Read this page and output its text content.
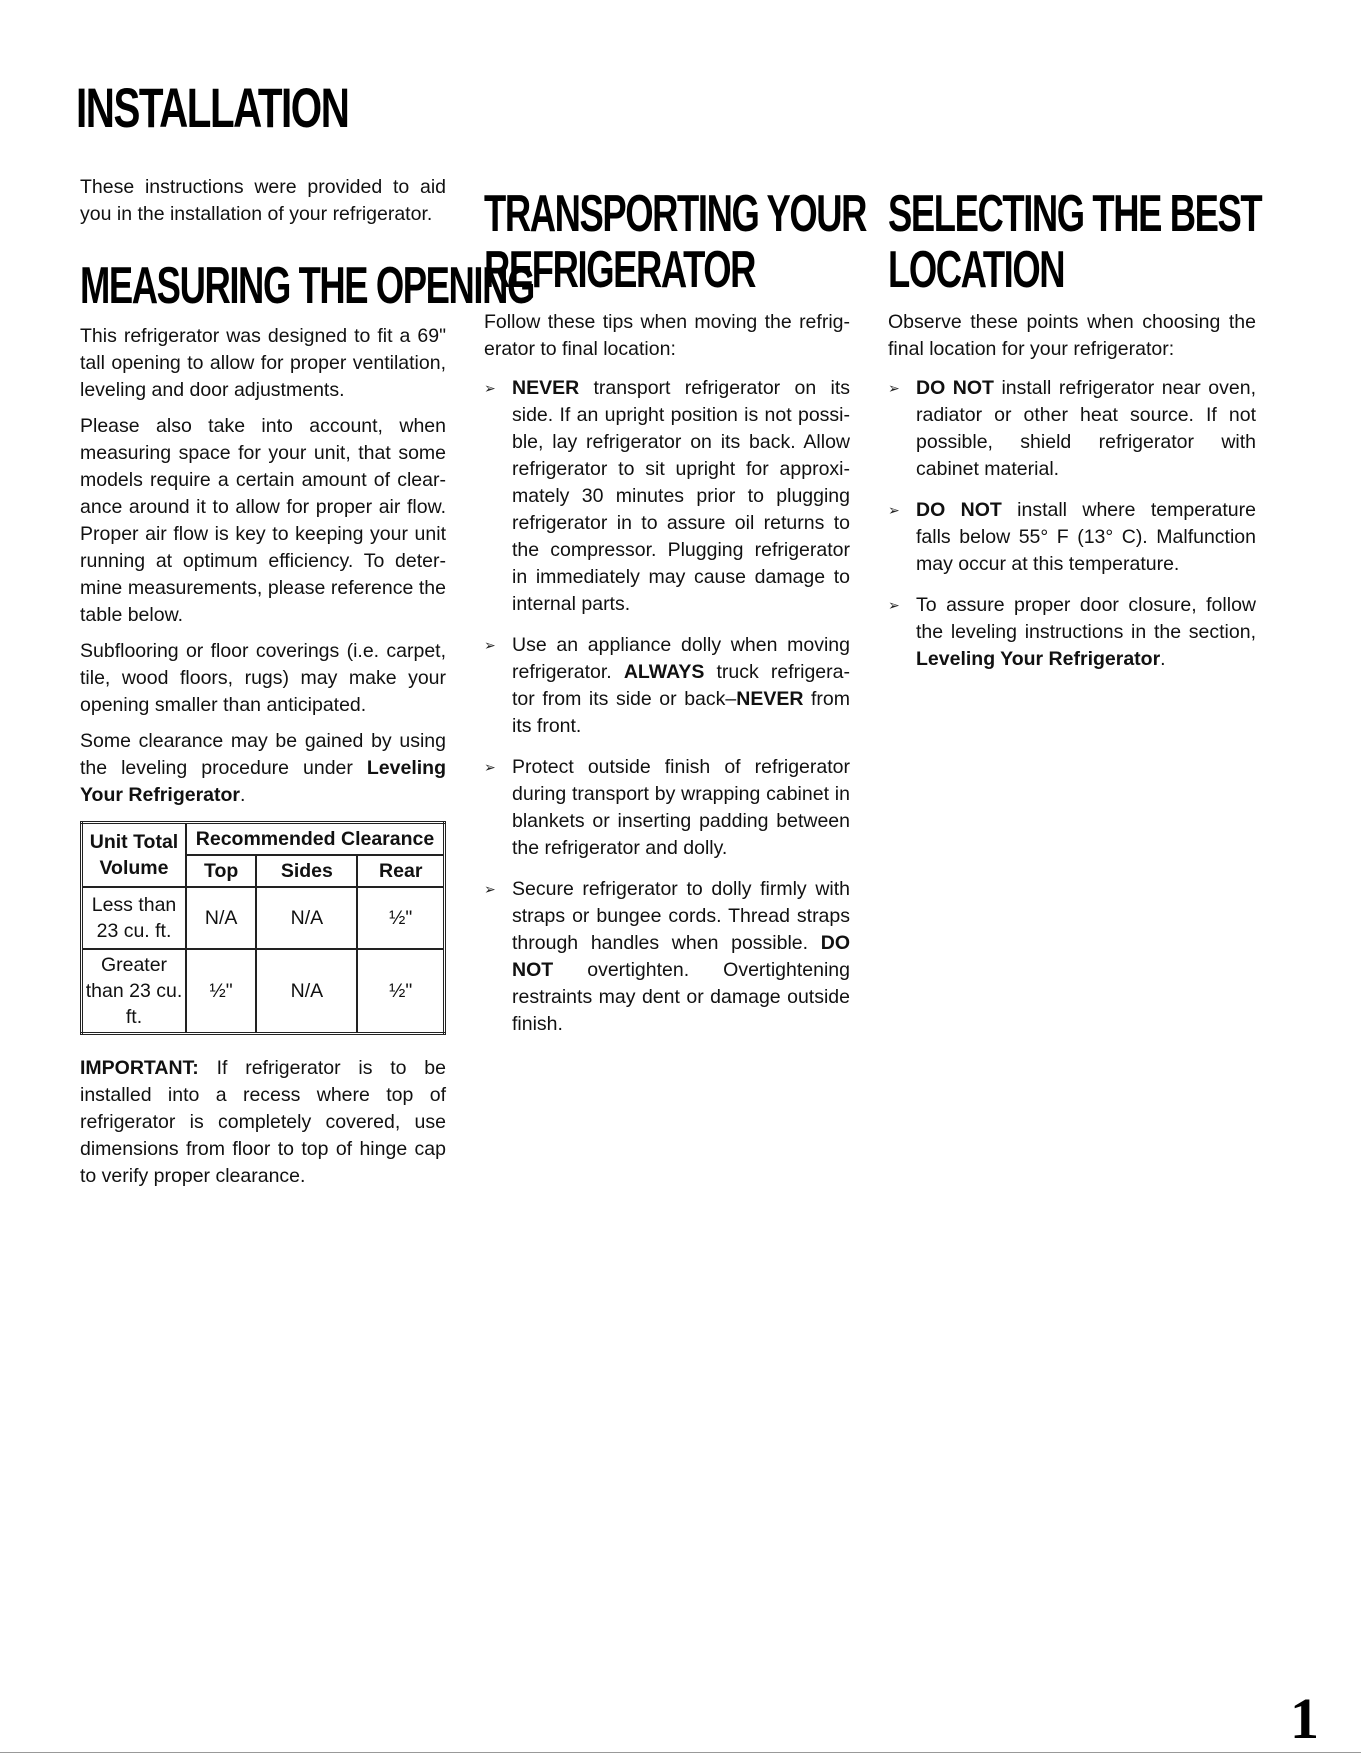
INSTALLATION

These instructions were provided to aid you in the installation of your refrigerator.

MEASURING THE OPENING

This refrigerator was designed to fit a 69" tall opening to allow for proper ventilation, leveling and door adjustments.

Please also take into account, when measuring space for your unit, that some models require a certain amount of clear-ance around it to allow for proper air flow. Proper air flow is key to keeping your unit running at optimum efficiency. To deter-mine measurements, please reference the table below.

Subflooring or floor coverings (i.e. carpet, tile, wood floors, rugs) may make your opening smaller than anticipated.

Some clearance may be gained by using the leveling procedure under Leveling Your Refrigerator.

Unit Total Volume	Recommended Clearance		
	Top	Sides	Rear
Less than 23 cu. ft.	N/A	N/A	½"
Greater than 23 cu. ft.	½"	N/A	½"

IMPORTANT: If refrigerator is to be installed into a recess where top of refrigerator is completely covered, use dimensions from floor to top of hinge cap to verify proper clearance.

TRANSPORTING YOUR
REFRIGERATOR

Follow these tips when moving the refrig-erator to final location:

➢ NEVER transport refrigerator on its side. If an upright position is not possi-ble, lay refrigerator on its back. Allow refrigerator to sit upright for approxi-mately 30 minutes prior to plugging refrigerator in to assure oil returns to the compressor. Plugging refrigerator in immediately may cause damage to internal parts.
➢ Use an appliance dolly when moving refrigerator. ALWAYS truck refrigera-tor from its side or back–NEVER from its front.
➢ Protect outside finish of refrigerator during transport by wrapping cabinet in blankets or inserting padding between the refrigerator and dolly.
➢ Secure refrigerator to dolly firmly with straps or bungee cords. Thread straps through handles when possible. DO NOT overtighten. Overtightening restraints may dent or damage outside finish.
SELECTING THE BEST
LOCATION

Observe these points when choosing the final location for your refrigerator:

➢ DO NOT install refrigerator near oven, radiator or other heat source. If not possible, shield refrigerator with cabinet material.
➢ DO NOT install where temperature falls below 55° F (13° C). Malfunction may occur at this temperature.
➢ To assure proper door closure, follow the leveling instructions in the section, Leveling Your Refrigerator.
1
